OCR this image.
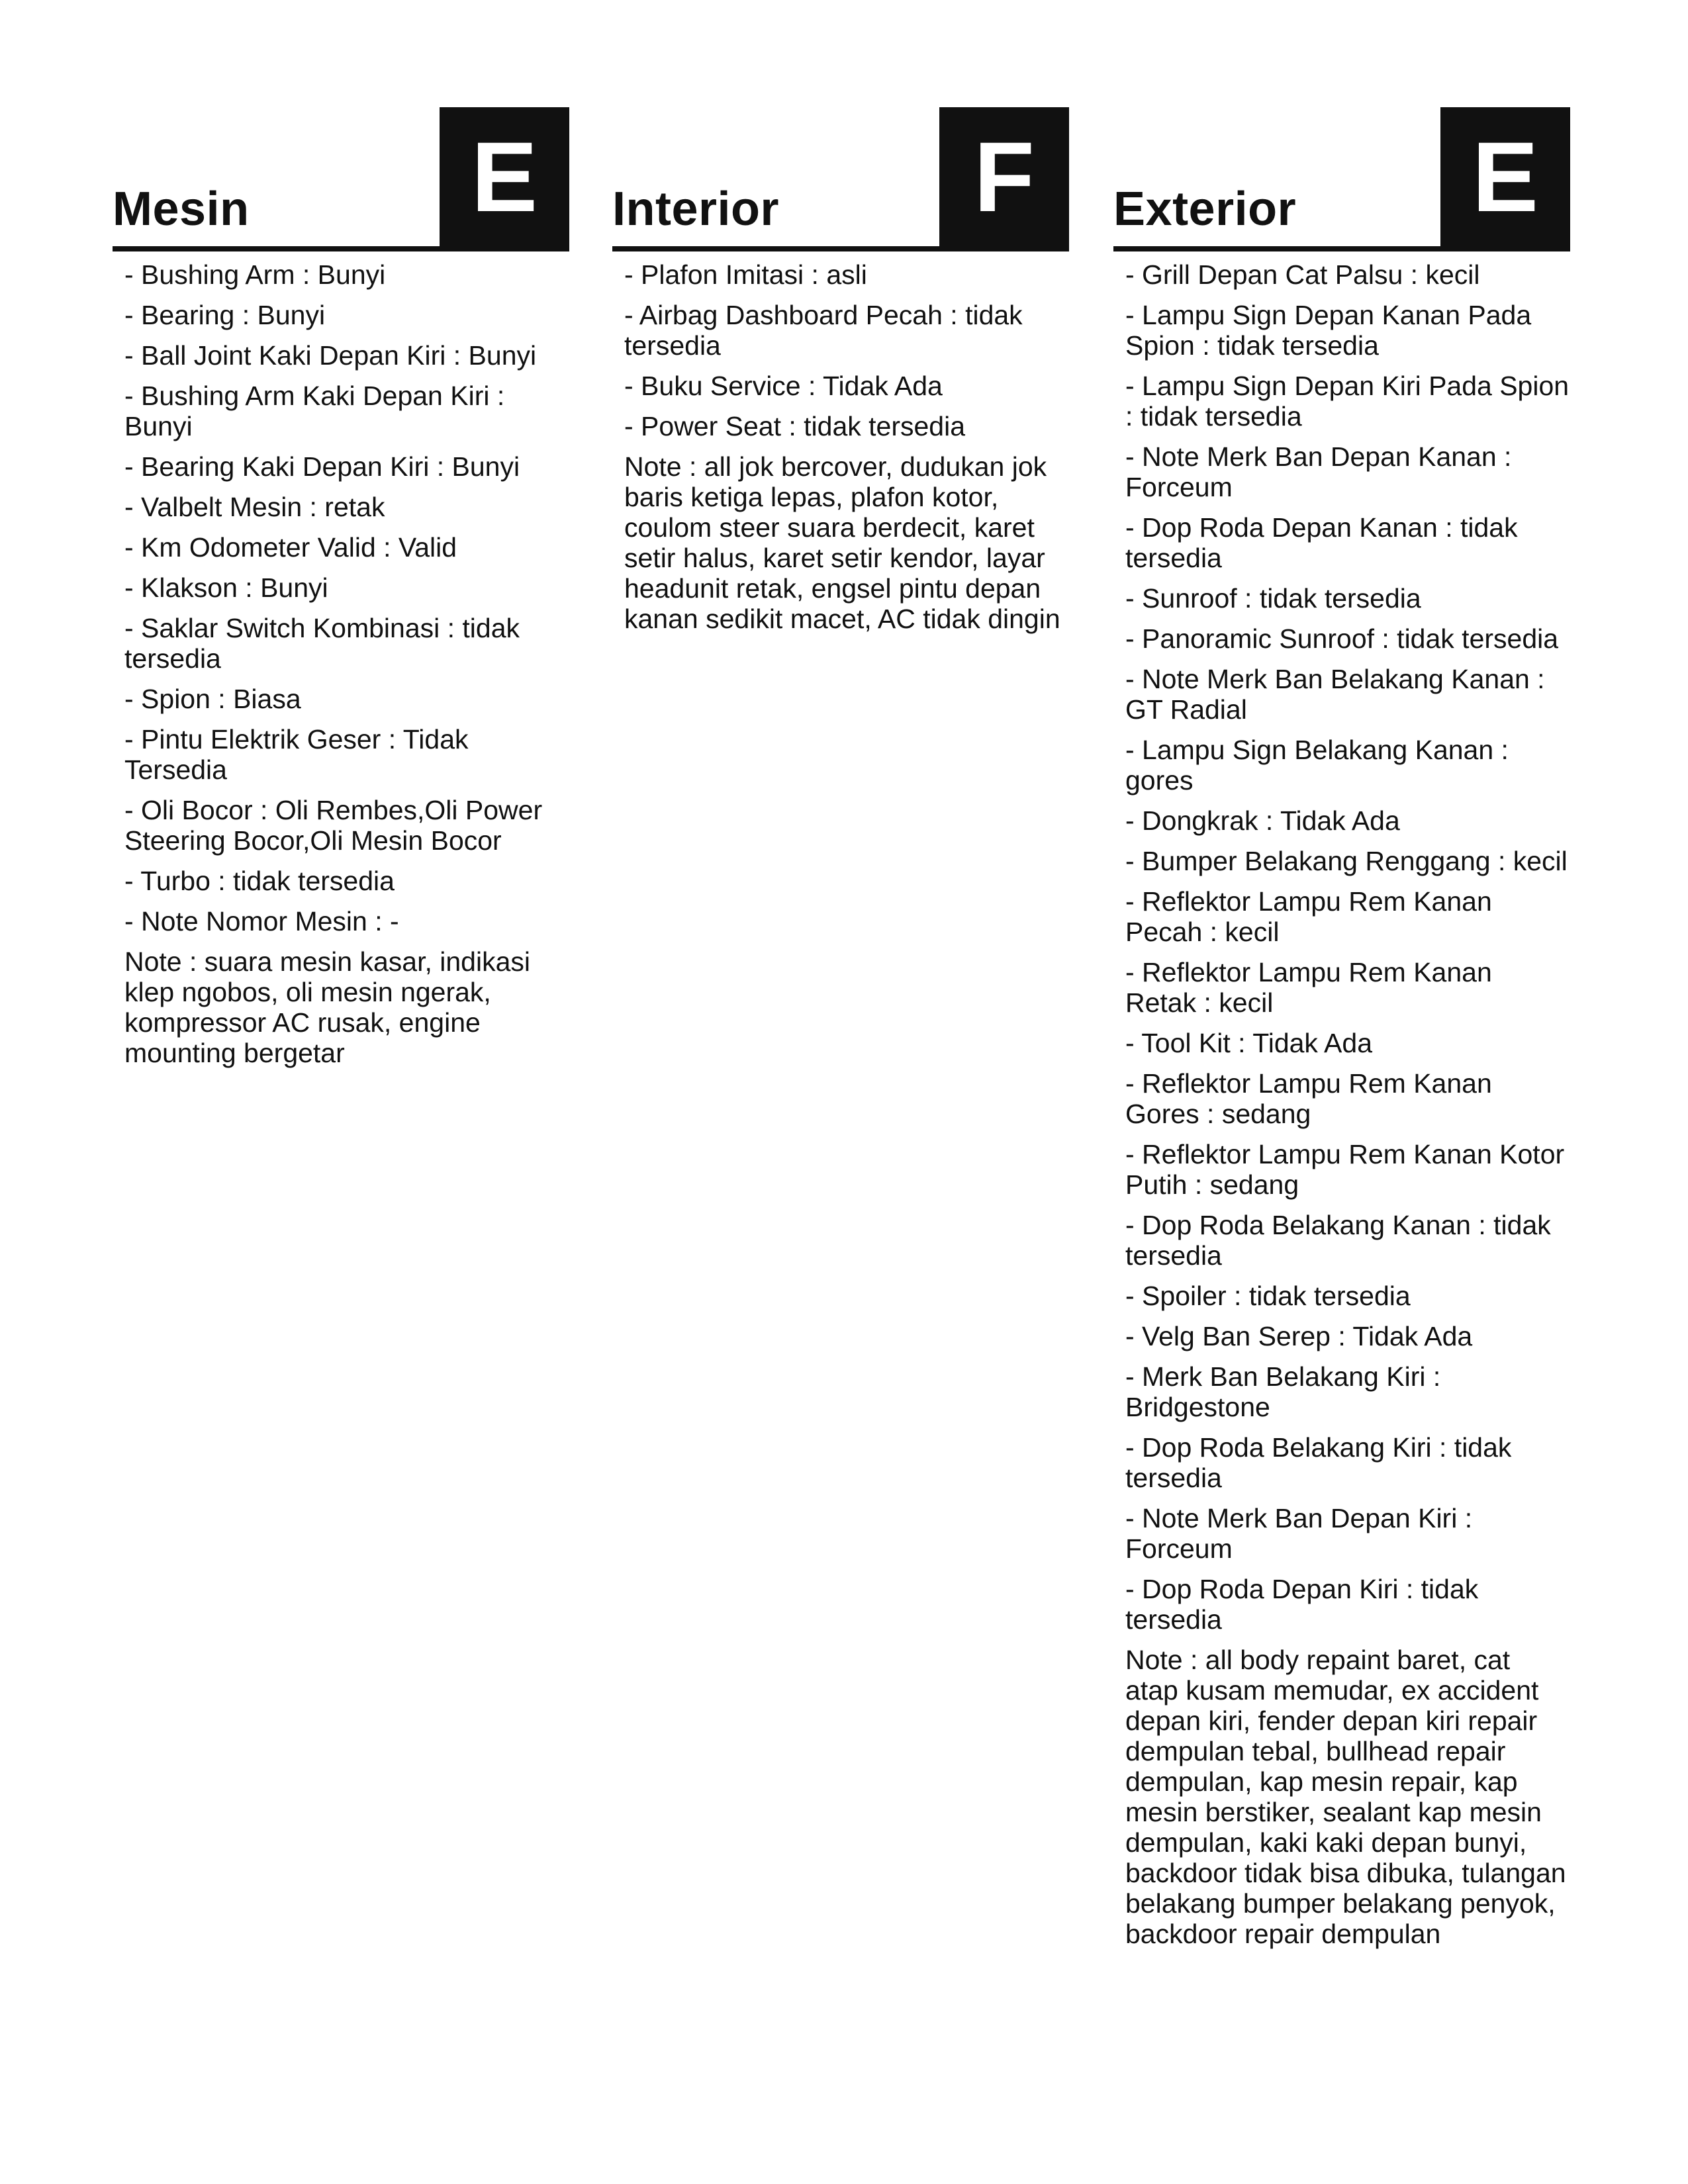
Mesin	E
- Bushing Arm : Bunyi
- Bearing : Bunyi
- Ball Joint Kaki Depan Kiri : Bunyi
- Bushing Arm Kaki Depan Kiri : Bunyi
- Bearing Kaki Depan Kiri : Bunyi
- Valbelt Mesin : retak
- Km Odometer Valid : Valid
- Klakson : Bunyi
- Saklar Switch Kombinasi : tidak tersedia
- Spion : Biasa
- Pintu Elektrik Geser : Tidak Tersedia
- Oli Bocor : Oli Rembes,Oli Power Steering Bocor,Oli Mesin Bocor
- Turbo : tidak tersedia
- Note Nomor Mesin : -

Note : suara mesin kasar, indikasi klep ngobos, oli mesin ngerak, kompressor AC rusak, engine mounting bergetar

Interior	F
- Plafon Imitasi : asli
- Airbag Dashboard Pecah : tidak tersedia
- Buku Service : Tidak Ada
- Power Seat : tidak tersedia

Note : all jok bercover, dudukan jok baris ketiga lepas, plafon kotor, coulom steer suara berdecit, karet setir halus, karet setir kendor, layar headunit retak, engsel pintu depan kanan sedikit macet, AC tidak dingin

Exterior	E
- Grill Depan Cat Palsu : kecil
- Lampu Sign Depan Kanan Pada Spion : tidak tersedia
- Lampu Sign Depan Kiri Pada Spion : tidak tersedia
- Note Merk Ban Depan Kanan : Forceum
- Dop Roda Depan Kanan : tidak tersedia
- Sunroof : tidak tersedia
- Panoramic Sunroof : tidak tersedia
- Note Merk Ban Belakang Kanan : GT Radial
- Lampu Sign Belakang Kanan : gores
- Dongkrak : Tidak Ada
- Bumper Belakang Renggang : kecil
- Reflektor Lampu Rem Kanan Pecah : kecil
- Reflektor Lampu Rem Kanan Retak : kecil
- Tool Kit : Tidak Ada
- Reflektor Lampu Rem Kanan Gores : sedang
- Reflektor Lampu Rem Kanan Kotor Putih : sedang
- Dop Roda Belakang Kanan : tidak tersedia
- Spoiler : tidak tersedia
- Velg Ban Serep : Tidak Ada
- Merk Ban Belakang Kiri : Bridgestone
- Dop Roda Belakang Kiri : tidak tersedia
- Note Merk Ban Depan Kiri : Forceum
- Dop Roda Depan Kiri : tidak tersedia

Note : all body repaint baret, cat atap kusam memudar, ex accident depan kiri, fender depan kiri repair dempulan tebal, bullhead repair dempulan, kap mesin repair, kap mesin berstiker, sealant kap mesin dempulan, kaki kaki depan bunyi, backdoor tidak bisa dibuka, tulangan belakang bumper belakang penyok, backdoor repair dempulan
